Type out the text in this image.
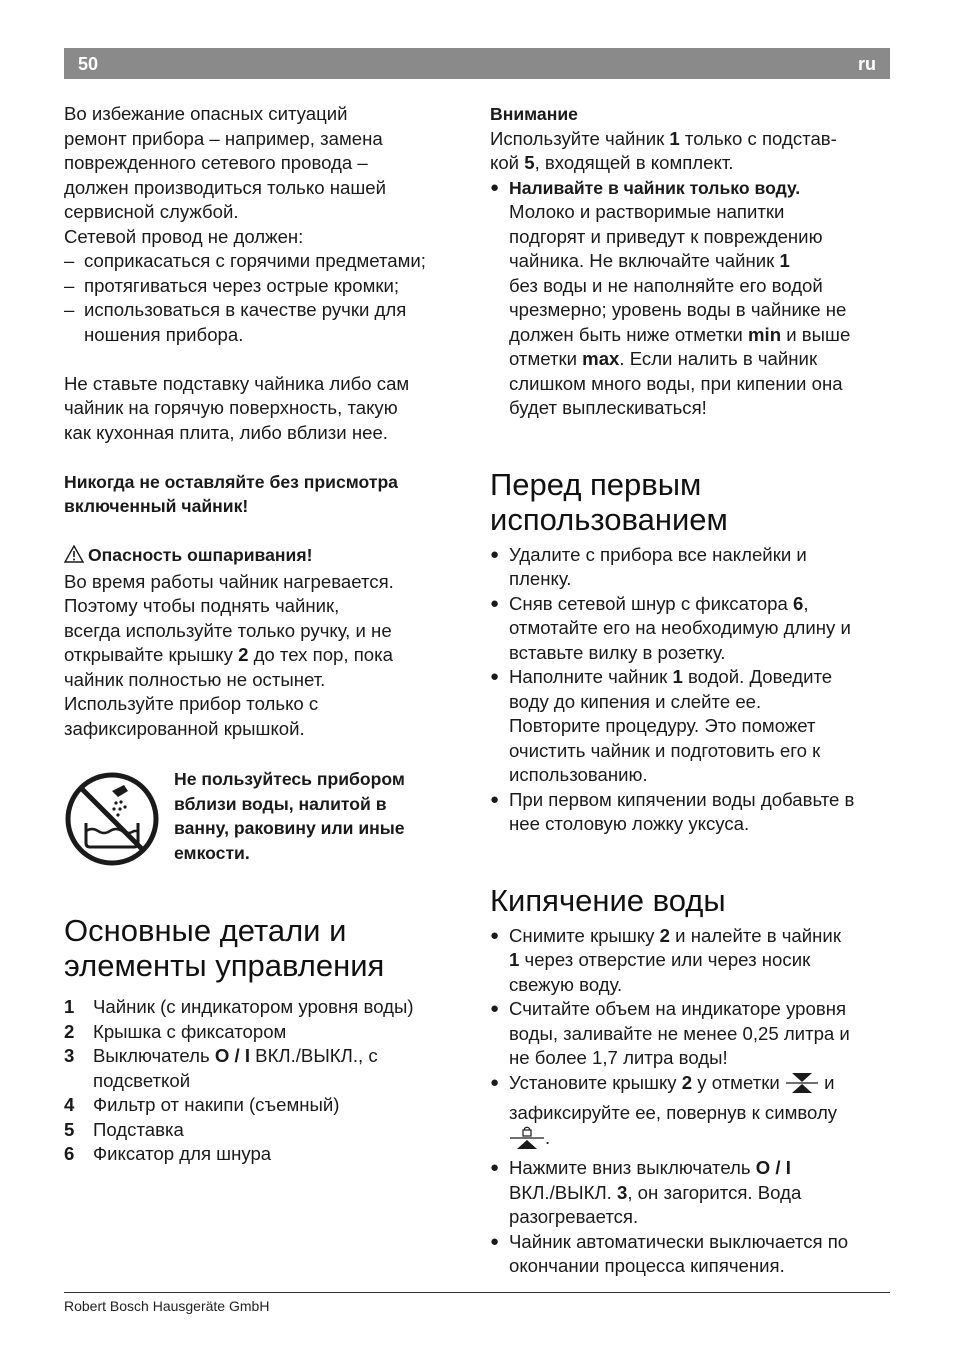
50	ru

Во избежание опасных ситуаций

ремонт прибора – например, замена

поврежденного сетевого провода –

должен производиться только нашей

сервисной службой.

Сетевой провод не должен:

– соприкасаться с горячими предметами;

– протягиваться через острые кромки;

– использоваться в качестве ручки для

ношения прибора.

Не ставьте подставку чайника либо сам

чайник на горячую поверхность, такую

как кухонная плита, либо вблизи нее.

Никогда не оставляйте без присмотра

включенный чайник!

Опасность ошпаривания!

Во время работы чайник нагревается.

Поэтому чтобы поднять чайник,

всегда используйте только ручку, и не

открывайте крышку 2 до тех пор, пока

чайник полностью не остынет.

Используйте прибор только с

зафиксированной крышкой.

Не пользуйтесь прибором

вблизи воды, налитой в

ванну, раковину или иные

емкости.

Основные детали и
элементы управления
1	Чайник (с индикатором уровня воды)
2	Крышка с фиксатором
3	Выключатель O / I ВКЛ./ВЫКЛ., с
подсветкой
4	Фильтр от накипи (съемный)
5	Подставка
6	Фиксатор для шнура

Внимание

Используйте чайник 1 только с подстав-

кой 5, входящей в комплект.

● Наливайте в чайник только воду.

Молоко и растворимые напитки

подгорят и приведут к повреждению

чайника. Не включайте чайник 1

без воды и не наполняйте его водой

чрезмерно; уровень воды в чайнике не

должен быть ниже отметки min и выше

отметки max. Если налить в чайник

слишком много воды, при кипении она

будет выплескиваться!

Перед первым
использованием

● Удалите с прибора все наклейки и

пленку.

● Сняв сетевой шнур с фиксатора 6,

отмотайте его на необходимую длину и

вставьте вилку в розетку.

● Наполните чайник 1 водой. Доведите

воду до кипения и слейте ее.

Повторите процедуру. Это поможет

очистить чайник и подготовить его к

использованию.

● При первом кипячении воды добавьте в

нее столовую ложку уксуса.

Кипячение воды

● Снимите крышку 2 и налейте в чайник

1 через отверстие или через носик

свежую воду.

● Считайте объем на индикаторе уровня

воды, заливайте не менее 0,25 литра и

не более 1,7 литра воды!

● Установите крышку 2 у отметки  и

зафиксируйте ее, повернув к символу

.

● Нажмите вниз выключатель O / I

ВКЛ./ВЫКЛ. 3, он загорится. Вода

разогревается.

● Чайник автоматически выключается по

окончании процесса кипячения.

Robert Bosch Hausgeräte GmbH
